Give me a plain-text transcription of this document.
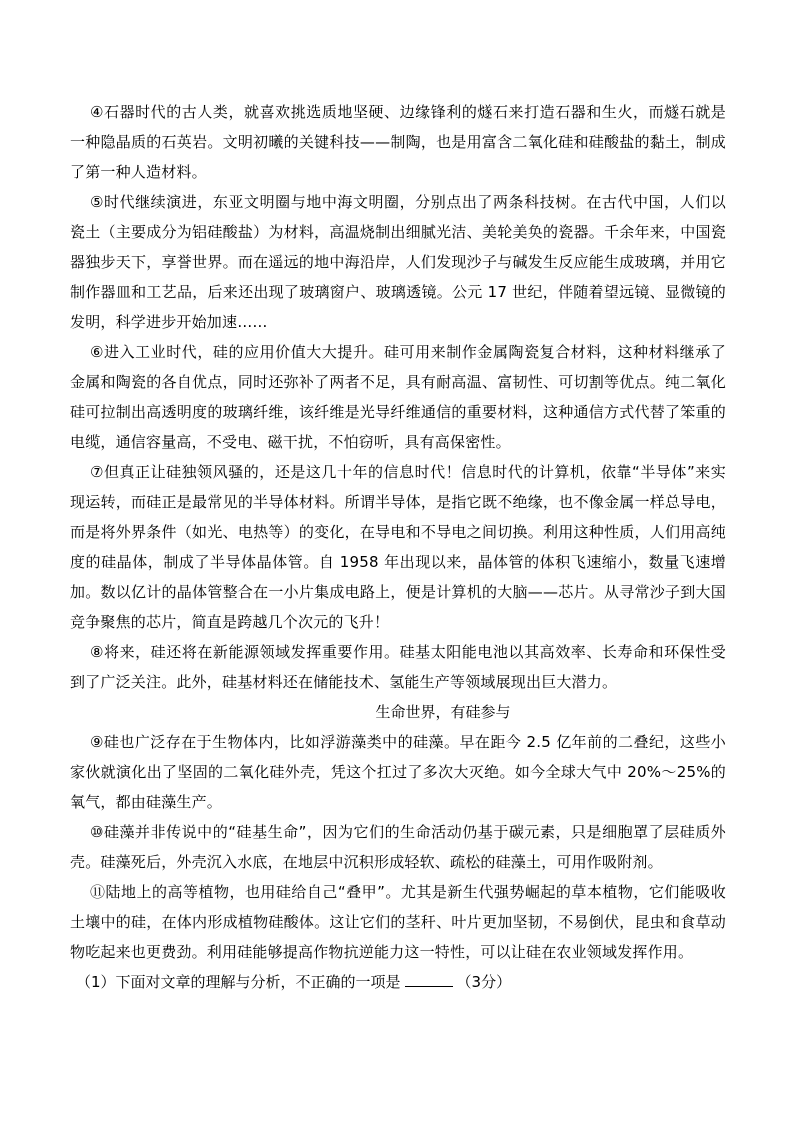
④石器时代的古人类，就喜欢挑选质地坚硬、边缘锋利的燧石来打造石器和生火，而燧石就是一种隐晶质的石英岩。文明初曦的关键科技——制陶，也是用富含二氧化硅和硅酸盐的黏土，制成了第一种人造材料。

⑤时代继续演进，东亚文明圈与地中海文明圈，分别点出了两条科技树。在古代中国，人们以瓷土（主要成分为铝硅酸盐）为材料，高温烧制出细腻光洁、美轮美奂的瓷器。千余年来，中国瓷器独步天下，享誉世界。而在遥远的地中海沿岸，人们发现沙子与碱发生反应能生成玻璃，并用它制作器皿和工艺品，后来还出现了玻璃窗户、玻璃透镜。公元 17 世纪，伴随着望远镜、显微镜的发明，科学进步开始加速……

⑥进入工业时代，硅的应用价值大大提升。硅可用来制作金属陶瓷复合材料，这种材料继承了金属和陶瓷的各自优点，同时还弥补了两者不足，具有耐高温、富韧性、可切割等优点。纯二氧化硅可拉制出高透明度的玻璃纤维，该纤维是光导纤维通信的重要材料，这种通信方式代替了笨重的电缆，通信容量高，不受电、磁干扰，不怕窃听，具有高保密性。

⑦但真正让硅独领风骚的，还是这几十年的信息时代！信息时代的计算机，依靠“半导体”来实现运转，而硅正是最常见的半导体材料。所谓半导体，是指它既不绝缘，也不像金属一样总导电，而是将外界条件（如光、电热等）的变化，在导电和不导电之间切换。利用这种性质，人们用高纯度的硅晶体，制成了半导体晶体管。自 1958 年出现以来，晶体管的体积飞速缩小，数量飞速增加。数以亿计的晶体管整合在一小片集成电路上，便是计算机的大脑——芯片。从寻常沙子到大国竞争聚焦的芯片，简直是跨越几个次元的飞升！

⑧将来，硅还将在新能源领域发挥重要作用。硅基太阳能电池以其高效率、长寿命和环保性受到了广泛关注。此外，硅基材料还在储能技术、氢能生产等领域展现出巨大潜力。

生命世界，有硅参与

⑨硅也广泛存在于生物体内，比如浮游藻类中的硅藻。早在距今 2.5 亿年前的二叠纪，这些小家伙就演化出了坚固的二氧化硅外壳，凭这个扛过了多次大灭绝。如今全球大气中 20%～25%的氧气，都由硅藻生产。

⑩硅藻并非传说中的“硅基生命”，因为它们的生命活动仍基于碳元素，只是细胞罩了层硅质外壳。硅藻死后，外壳沉入水底，在地层中沉积形成轻软、疏松的硅藻土，可用作吸附剂。

⑪陆地上的高等植物，也用硅给自己“叠甲”。尤其是新生代强势崛起的草本植物，它们能吸收土壤中的硅，在体内形成植物硅酸体。这让它们的茎秆、叶片更加坚韧，不易倒伏，昆虫和食草动物吃起来也更费劲。利用硅能够提高作物抗逆能力这一特性，可以让硅在农业领域发挥作用。

（1）下面对文章的理解与分析，不正确的一项是	（3分）
